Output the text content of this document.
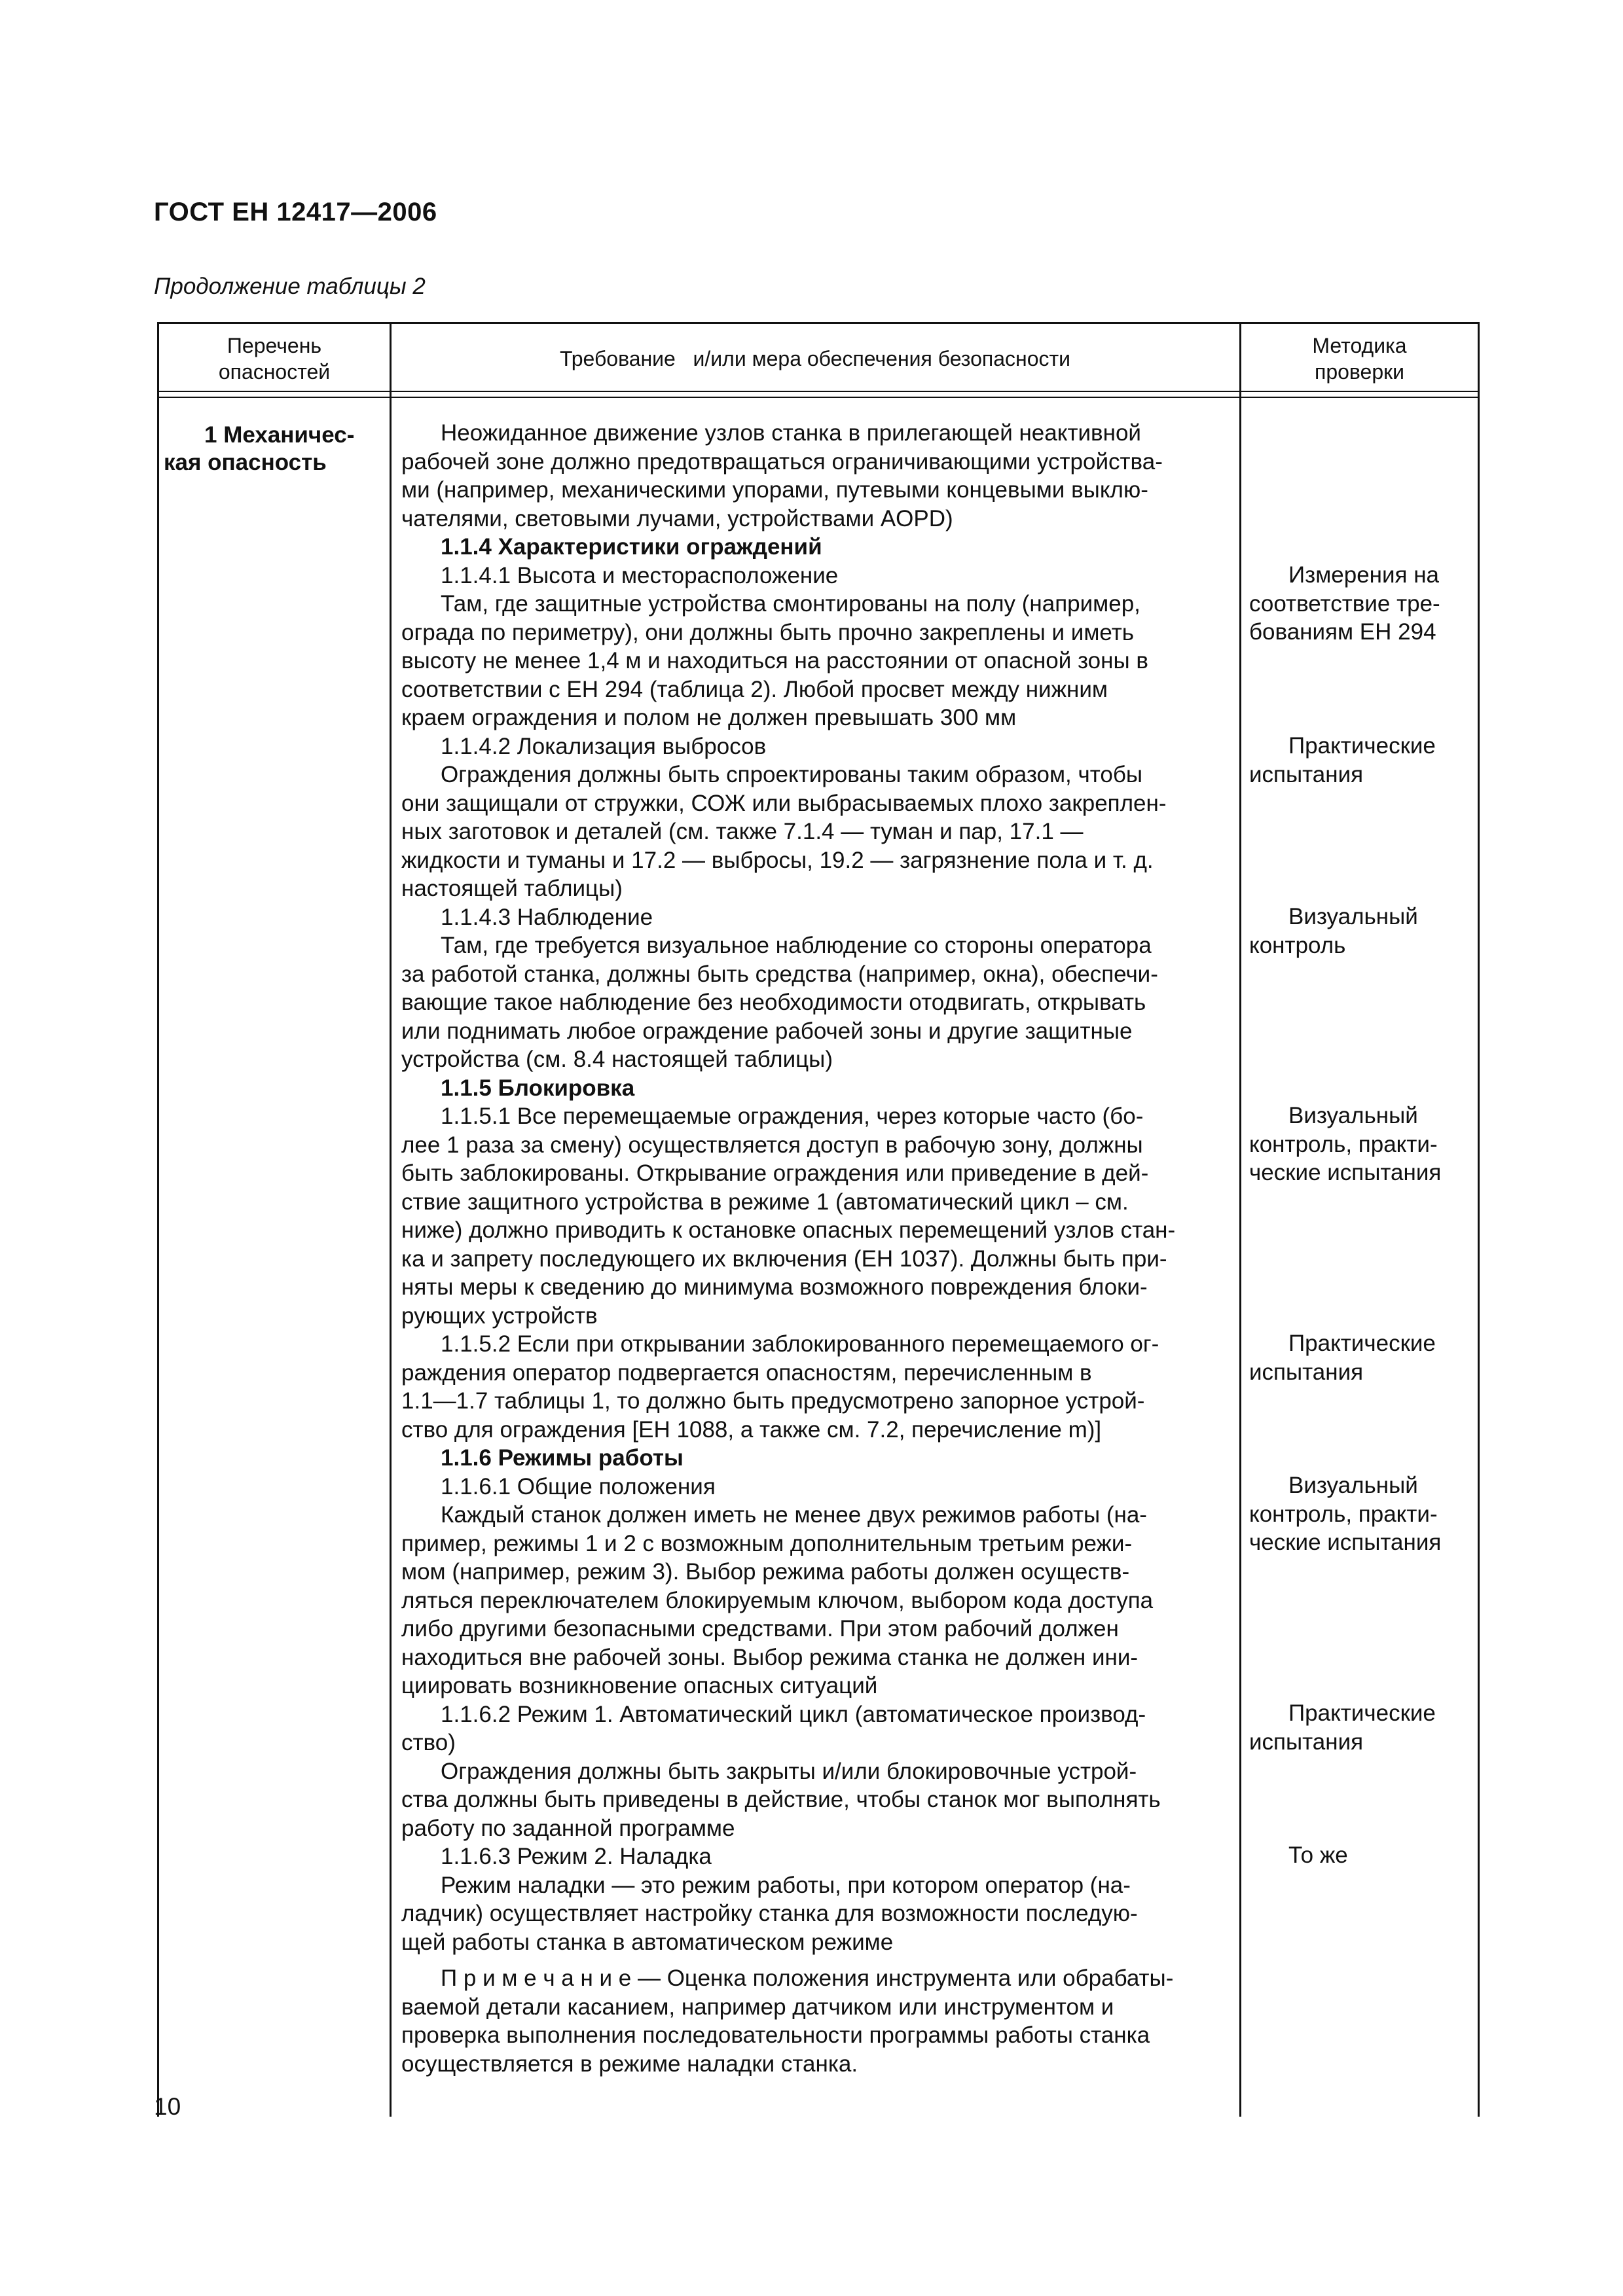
ГОСТ ЕН 12417—2006
Продолжение таблицы 2
Перечень
опасностей
Требование   и/или мера обеспечения безопасности
Методика
проверки
1 Механичес-
кая опасность
Неожиданное движение узлов станка в прилегающей неактивной
рабочей зоне должно предотвращаться ограничивающими устройства-
ми (например, механическими упорами, путевыми концевыми выклю-
чателями, световыми лучами, устройствами AOPD)
1.1.4 Характеристики ограждений
1.1.4.1 Высота и месторасположение
Там, где защитные устройства смонтированы на полу (например,
ограда по периметру), они должны быть прочно закреплены и иметь
высоту не менее 1,4 м и находиться на расстоянии от опасной зоны в
соответствии с ЕН 294 (таблица 2). Любой просвет между нижним
краем ограждения и полом не должен превышать 300 мм
1.1.4.2 Локализация выбросов
Ограждения должны быть спроектированы таким образом, чтобы
они защищали от стружки, СОЖ или выбрасываемых плохо закреплен-
ных заготовок и деталей (см. также 7.1.4 — туман и пар, 17.1 —
жидкости и туманы и 17.2 — выбросы, 19.2 — загрязнение пола и т. д.
настоящей таблицы)
1.1.4.3 Наблюдение
Там, где требуется визуальное наблюдение со стороны оператора
за работой станка, должны быть средства (например, окна), обеспечи-
вающие такое наблюдение без необходимости отодвигать, открывать
или поднимать любое ограждение рабочей зоны и другие защитные
устройства (см. 8.4 настоящей таблицы)
1.1.5 Блокировка
1.1.5.1 Все перемещаемые ограждения, через которые часто (бо-
лее 1 раза за смену) осуществляется доступ в рабочую зону, должны
быть заблокированы. Открывание ограждения или приведение в дей-
ствие защитного устройства в режиме 1 (автоматический цикл – см.
ниже) должно приводить к остановке опасных перемещений узлов стан-
ка и запрету последующего их включения (ЕН 1037). Должны быть при-
няты меры к сведению до минимума возможного повреждения блоки-
рующих устройств
1.1.5.2 Если при открывании заблокированного перемещаемого ог-
раждения оператор подвергается опасностям, перечисленным в
1.1—1.7 таблицы 1, то должно быть предусмотрено запорное устрой-
ство для ограждения [ЕН 1088, а также см. 7.2, перечисление m)]
1.1.6 Режимы работы
1.1.6.1 Общие положения
Каждый станок должен иметь не менее двух режимов работы (на-
пример, режимы 1 и 2 с возможным дополнительным третьим режи-
мом (например, режим 3). Выбор режима работы должен осуществ-
ляться переключателем блокируемым ключом, выбором кода доступа
либо другими безопасными средствами. При этом рабочий должен
находиться вне рабочей зоны. Выбор режима станка не должен ини-
циировать возникновение опасных ситуаций
1.1.6.2 Режим 1. Автоматический цикл (автоматическое производ-
ство)
Ограждения должны быть закрыты и/или блокировочные устрой-
ства должны быть приведены в действие, чтобы станок мог выполнять
работу по заданной программе
1.1.6.3 Режим 2. Наладка
Режим наладки — это режим работы, при котором оператор (на-
ладчик) осуществляет настройку станка для возможности последую-
щей работы станка в автоматическом режиме
П р и м е ч а н и е — Оценка положения инструмента или обрабаты-
ваемой детали касанием, например датчиком или инструментом и
проверка выполнения последовательности программы работы станка
осуществляется в режиме наладки станка.
Измерения на
соответствие тре-
бованиям ЕН 294
Практические
испытания
Визуальный
контроль
Визуальный
контроль, практи-
ческие испытания
Практические
испытания
Визуальный
контроль, практи-
ческие испытания
Практические
испытания
То же
10
